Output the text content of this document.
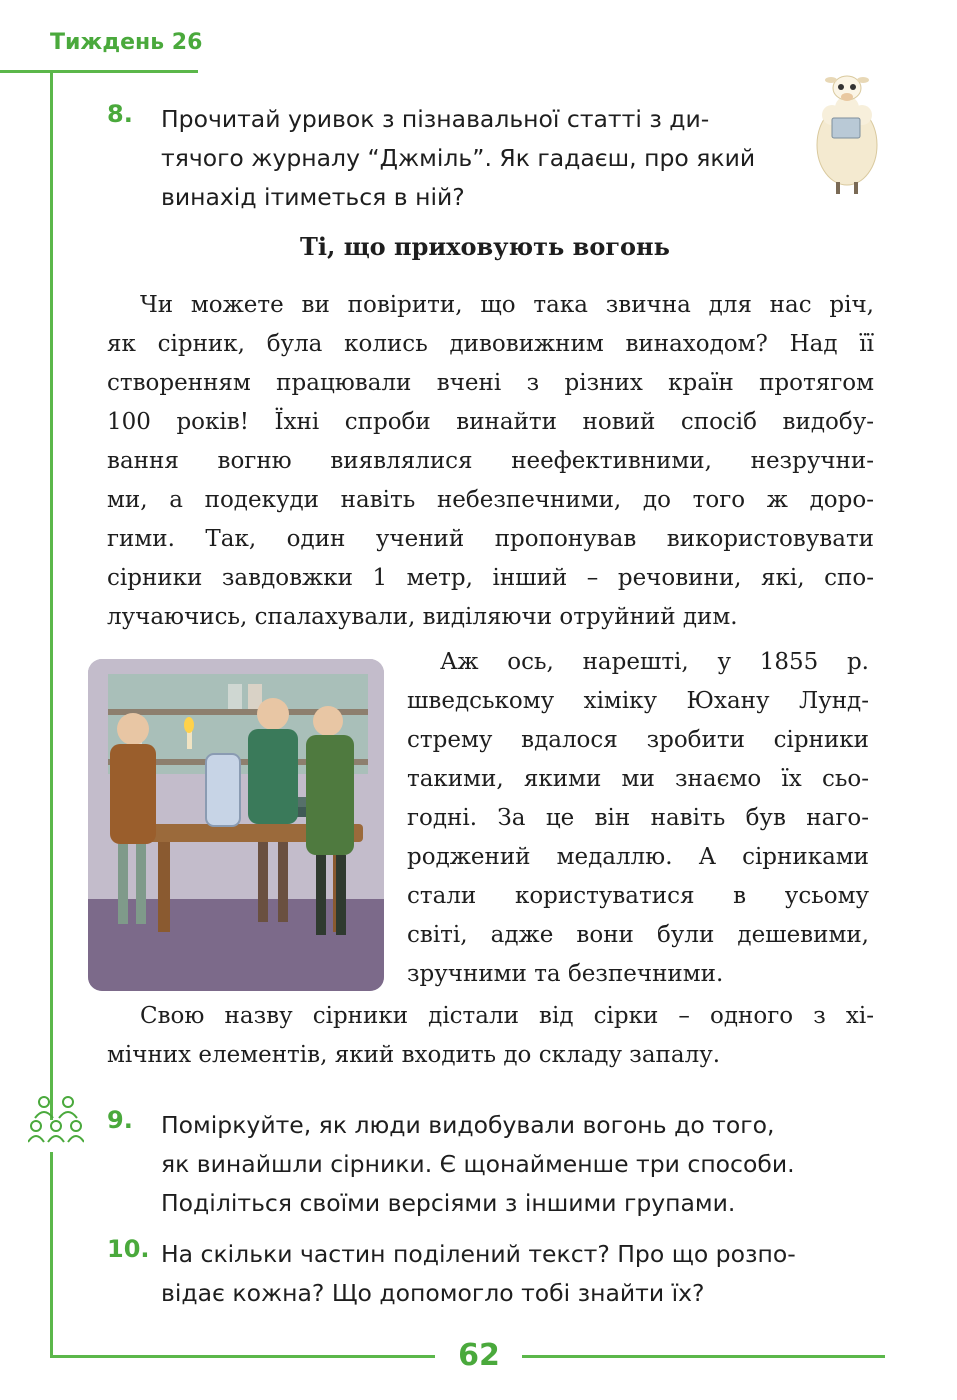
Тиждень 26
8. Прочитай уривок з пізнавальної статті з ди-
тячого журналу “Джміль”. Як гадаєш, про який
винахід ітиметься в ній?
Ті, що приховують вогонь
Чи можете ви повірити, що така звична для нас річ,
як сірник, була колись дивовижним винаходом? Над її
створенням працювали вчені з різних країн протягом
100 років! Їхні спроби винайти новий спосіб видобу-
вання вогню виявлялися неефективними, незручни-
ми, а подекуди навіть небезпечними, до того ж доро-
гими. Так, один учений пропонував використовувати
сірники завдовжки 1 метр, інший – речовини, які, спо-
лучаючись, спалахували, виділяючи отруйний дим.
Аж ось, нарешті, у 1855 р.
шведському хіміку Юхану Лунд-
стрему вдалося зробити сірники
такими, якими ми знаємо їх сьо-
годні. За це він навіть був наго-
роджений медаллю. А сірниками
стали користуватися в усьому
світі, адже вони були дешевими,
зручними та безпечними.
Свою назву сірники дістали від сірки – одного з хі-
мічних елементів, який входить до складу запалу.
9. Поміркуйте, як люди видобували вогонь до того,
як винайшли сірники. Є щонайменше три способи.
Поділіться своїми версіями з іншими групами.
10. На скільки частин поділений текст? Про що розпо-
відає кожна? Що допомогло тобі знайти їх?
62
